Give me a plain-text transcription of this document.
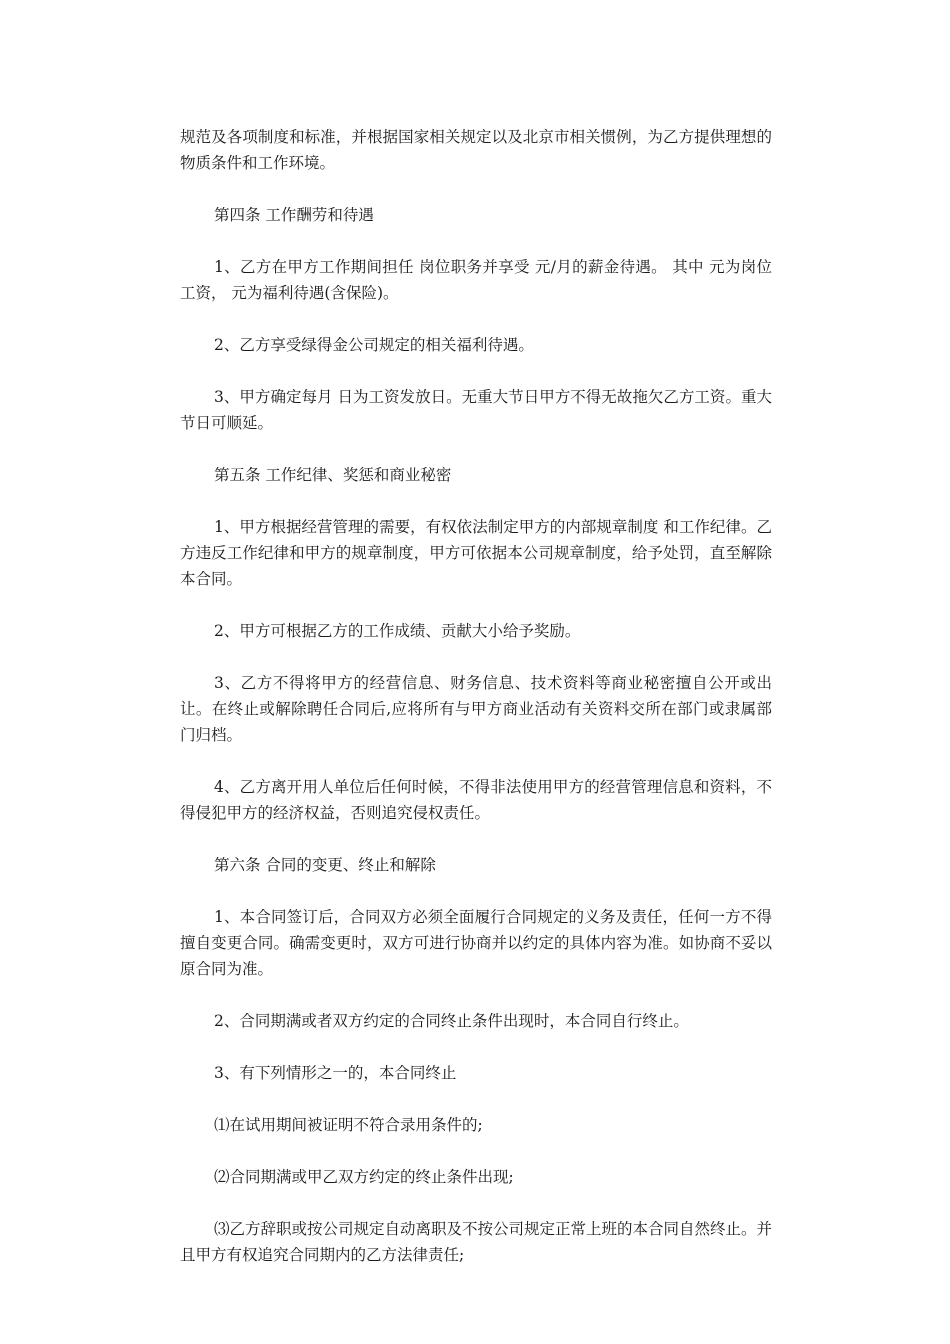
规范及各项制度和标准，并根据国家相关规定以及北京市相关惯例，为乙方提供理想的物质条件和工作环境。

第四条 工作酬劳和待遇

1、乙方在甲方工作期间担任 岗位职务并享受 元/月的薪金待遇。 其中 元为岗位工资， 元为福利待遇(含保险)。

2、乙方享受绿得金公司规定的相关福利待遇。

3、甲方确定每月 日为工资发放日。无重大节日甲方不得无故拖欠乙方工资。重大节日可顺延。

第五条 工作纪律、奖惩和商业秘密

1、甲方根据经营管理的需要，有权依法制定甲方的内部规章制度 和工作纪律。乙方违反工作纪律和甲方的规章制度，甲方可依据本公司规章制度，给予处罚，直至解除本合同。

2、甲方可根据乙方的工作成绩、贡献大小给予奖励。

3、乙方不得将甲方的经营信息、财务信息、技术资料等商业秘密擅自公开或出让。在终止或解除聘任合同后,应将所有与甲方商业活动有关资料交所在部门或隶属部门归档。

4、乙方离开用人单位后任何时候，不得非法使用甲方的经营管理信息和资料，不得侵犯甲方的经济权益，否则追究侵权责任。

第六条 合同的变更、终止和解除

1、本合同签订后，合同双方必须全面履行合同规定的义务及责任，任何一方不得擅自变更合同。确需变更时，双方可进行协商并以约定的具体内容为准。如协商不妥以原合同为准。

2、合同期满或者双方约定的合同终止条件出现时，本合同自行终止。

3、有下列情形之一的，本合同终止

⑴在试用期间被证明不符合录用条件的;

⑵合同期满或甲乙双方约定的终止条件出现;

⑶乙方辞职或按公司规定自动离职及不按公司规定正常上班的本合同自然终止。并且甲方有权追究合同期内的乙方法律责任;
